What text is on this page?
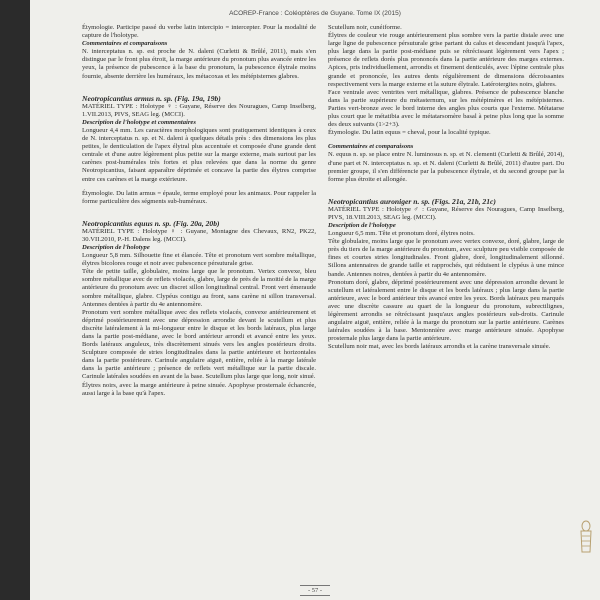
ACOREP-France : Coléoptères de Guyane. Tome IX (2015)

Étymologie. Participe passé du verbe latin intercipio = intercepter. Pour la modalité de capture de l'holotype.

Commentaires et comparaisons

N. interceptatus n. sp. est proche de N. daleni (Curletti & Brûlé, 2011), mais s'en distingue par le front plus étroit, la marge antérieure du pronotum plus avancée entre les yeux, la présence de pubescence à la base du pronotum, la pubescence élytrale moins fournie, absente derrière les huméraux, les métacoxas et les métépisternes glabres.

Neotropicantius armus n. sp. (Fig. 19a, 19b)

MATÉRIEL TYPE : Holotype ♀ : Guyane, Réserve des Nouragues, Camp Inselberg, 1.VII.2013, PIVS, SEAG leg. (MCCI).

Description de l'holotype et commentaires

Longueur 4,4 mm. Les caractères morphologiques sont pratiquement identiques à ceux de N. interceptatus n. sp. et N. daleni à quelques détails près : des dimensions les plus petites, le denticulation de l'apex élytral plus accentuée et composée d'une grande dent centrale et d'une autre légèrement plus petite sur la marge externe, mais surtout par les carènes post-humérales très fortes et plus relevées que dans la norme du genre Neotropicantius, faisant apparaître déprimée et concave la partie des élytres comprise entre ces carènes et la marge extérieure.

Étymologie. Du latin armus = épaule, terme employé pour les animaux. Pour rappeler la forme particulière des ségments sub-huméraux.

Neotropicantius equus n. sp. (Fig. 20a, 20b)

MATÉRIEL TYPE : Holotype ♀ : Guyane, Montagne des Chevaux, RN2, PK22, 30.VII.2010, P.-H. Dalens leg. (MCCI).

Description de l'holotype

Longueur 5,8 mm. Silhouette fine et élancée. Tête et pronotum vert sombre métallique, élytres bicolores rouge et noir avec pubescence pérsuturale grise.

Tête de petite taille, globulaire, moins large que le pronotum. Vertex convexe, bleu sombre métallique avec de reflets violacés, glabre, large de près de la moitié de la marge antérieure du pronotum avec un discret sillon longitudinal central. Front vert émeraude sombre métallique, glabre. Clypéus contigu au front, sans carène ni sillon transversal. Antennes dentées à partir du 4e antennomère.

Pronotum vert sombre métallique avec des reflets violacés, convexe antérieurement et déprimé postérieurement avec une dépression arrondie devant le scutellum et plus discrète latéralement à la mi-longueur entre le disque et les bords latéraux, plus large dans la partie post-médiane, avec le bord antérieur arrondi et avancé entre les yeux. Bords latéraux anguleux, très discrètement sinués vers les angles postérieurs droits. Sculpture composée de stries longitudinales dans la partie antérieure et horizontales dans la partie postérieure. Carinule angulaire aiguë, entière, reliée à la marge latérale dans la partie antérieure ; présence de reflets vert métallique sur la partie discale. Carinule latérales soudées en avant de la base. Scutellum plus large que long, noir sinué.

Élytres noirs, avec la marge antérieure à peine sinuée. Apophyse prosternale échancrée, aussi large à la base qu'à l'apex.

Scutellum noir, cunéiforme.

Élytres de couleur vie rouge antérieurement plus sombre vers la partie distale avec une large ligne de pubescence pérsuturale grise partant du calus et descendant jusqu'à l'apex, plus large dans la partie post-médiane puis se rétrécissant légèrement vers l'apex ; présence de reflets dorés plus prononcés dans la partie antérieure des marges externes. Apices, pris individuellement, arrondis et finement denticulés, avec l'épine centrale plus grande et prononcée, les autres dents régulièrement de dimensions décroissantes respectivement vers la marge externe et la suture élytrale. Latérotergites noirs, glabres.

Face ventrale avec ventrites vert métallique, glabres. Présence de pubescence blanche dans la partie supérieure du métasternum, sur les métépimères et les métépisternes. Parties vert-bronze avec le bord interne des angles plus courts que l'externe. Métatarse plus court que le métatibia avec le métatarsomère basal à peine plus long que la somme des deux suivants (1>2+3).

Étymologie. Du latin equus = cheval, pour la localité typique.

Commentaires et comparaisons

N. equus n. sp. se place entre N. luminosus n. sp. et N. clementi (Curletti & Brûlé, 2014), d'une part et N. interceptatus n. sp. et N. daleni (Curletti & Brûlé, 2011) d'autre part. Du premier groupe, il s'en différencie par la pubescence élytrale, et du second groupe par la forme plus étroite et allongée.

Neotropicantius auroniger n. sp. (Figs. 21a, 21b, 21c)

MATÉRIEL TYPE : Holotype ♂ : Guyane, Réserve des Nouragues, Camp Inselberg, PIVS, 18.VIII.2013, SEAG leg. (MCCI).

Description de l'holotype

Longueur 6,5 mm. Tête et pronotum doré, élytres noirs.

Tête globulaire, moins large que le pronotum avec vertex convexe, doré, glabre, large de près du tiers de la marge antérieure du pronotum, avec sculpture peu visible composée de fines et courtes stries longitudinales. Front glabre, doré, longitudinalement sillonné. Sillons antennaires de grande taille et rapprochés, qui réduisent le clypéus à une mince bande. Antennes noires, dentées à partir du 4e antennomère.

Pronotum doré, glabre, déprimé postérieurement avec une dépression arrondie devant le scutellum et latéralement entre le disque et les bords latéraux ; plus large dans la partie antérieure, avec le bord antérieur très avancé entre les yeux. Bords latéraux peu marqués avec une discrète cassure au quart de la longueur du pronotum, subrectilignes, légèrement arrondis se rétrécissant jusqu'aux angles postérieurs sub-droits. Carinule angulaire aiguë, entière, reliée à la marge du pronotum sur la partie antérieure. Carènes latérales soudées à la base. Mentonnière avec marge antérieure sinuée. Apophyse prosternale plus large dans la partie antérieure.

Scutellum noir mat, avec les bords latéraux arrondis et la carène transversale sinuée.

- 57 -
